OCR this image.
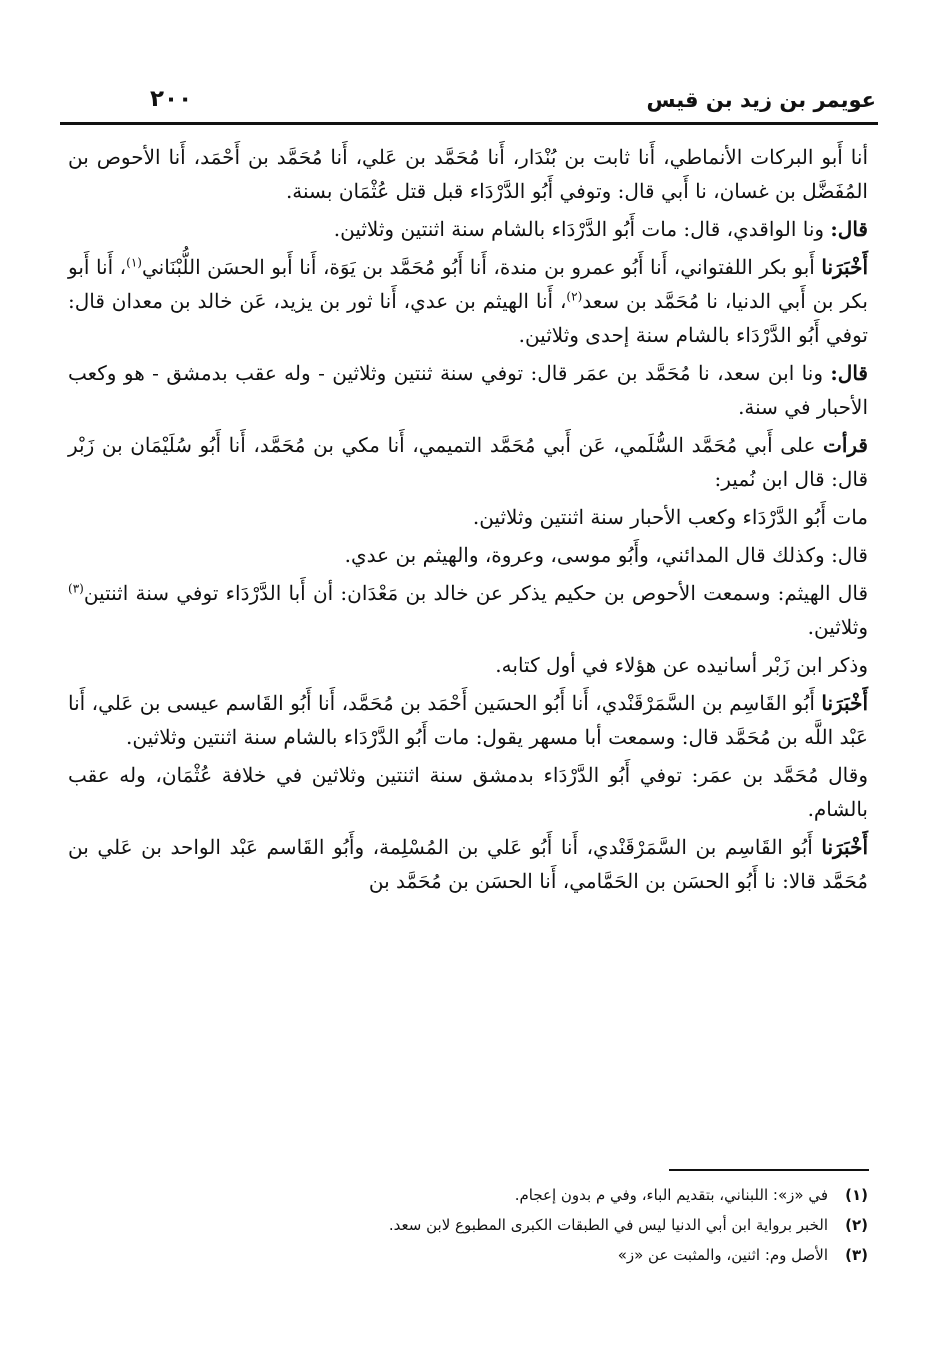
٢٠٠	عويمر بن زيد بن قيس

أنا أَبو البركات الأنماطي، أَنا ثابت بن بُنْدَار، أَنا مُحَمَّد بن عَلي، أَنا مُحَمَّد بن أَحْمَد، أَنا الأحوص بن المُفَضَّل بن غسان، نا أَبي قال: وتوفي أَبُو الدَّرْدَاء قبل قتل عُثْمَان بسنة.

قال: ونا الواقدي، قال: مات أَبُو الدَّرْدَاء بالشام سنة اثنتين وثلاثين.

أَخْبَرَنا أَبو بكر اللفتواني، أَنا أَبُو عمرو بن مندة، أَنا أَبُو مُحَمَّد بن يَوَة، أَنا أَبو الحسَن اللُّبْنَاني$^{(١)}$، أَنا أَبو بكر بن أَبي الدنيا، نا مُحَمَّد بن سعد$^{(٢)}$، أَنا الهيثم بن عدي، أَنا ثور بن يزيد، عَن خالد بن معدان قال: توفي أَبُو الدَّرْدَاء بالشام سنة إحدى وثلاثين.

قال: ونا ابن سعد، نا مُحَمَّد بن عمَر قال: توفي سنة ثنتين وثلاثين - وله عقب بدمشق - هو وكعب الأحبار في سنة.

قرأت على أَبي مُحَمَّد السُّلَمي، عَن أَبي مُحَمَّد التميمي، أَنا مكي بن مُحَمَّد، أَنا أَبُو سُلَيْمَان بن زَبْر قال: قال ابن نُمير:

مات أَبُو الدَّرْدَاء وكعب الأحبار سنة اثنتين وثلاثين.

قال: وكذلك قال المدائني، وأَبُو موسى، وعروة، والهيثم بن عدي.

قال الهيثم: وسمعت الأحوص بن حكيم يذكر عن خالد بن مَعْدَان: أن أَبا الدَّرْدَاء توفي سنة اثنتين$^{(٣)}$ وثلاثين.

وذكر ابن زَبْر أسانيده عن هؤلاء في أول كتابه.

أَخْبَرَنا أَبُو القَاسِم بن السَّمَرْقَنْدي، أَنا أَبُو الحسَين أَحْمَد بن مُحَمَّد، أَنا أَبُو القَاسم عيسى بن عَلي، أَنا عَبْد اللَّه بن مُحَمَّد قال: وسمعت أبا مسهر يقول: مات أَبُو الدَّرْدَاء بالشام سنة اثنتين وثلاثين.

وقال مُحَمَّد بن عمَر: توفي أَبُو الدَّرْدَاء بدمشق سنة اثنتين وثلاثين في خلافة عُثْمَان، وله عقب بالشام.

أَخْبَرَنا أَبُو القَاسِم بن السَّمَرْقَنْدي، أَنا أَبُو عَلي بن المُسْلِمة، وأَبُو القَاسم عَبْد الواحد بن عَلي بن مُحَمَّد قالا: نا أَبُو الحسَن بن الحَمَّامي، أَنا الحسَن بن مُحَمَّد بن

(١)في «ز»: اللبناني، بتقديم الباء، وفي م بدون إعجام.

(٢)الخبر برواية ابن أبي الدنيا ليس في الطبقات الكبرى المطبوع لابن سعد.

(٣)الأصل وم: اثنين، والمثبت عن «ز»
